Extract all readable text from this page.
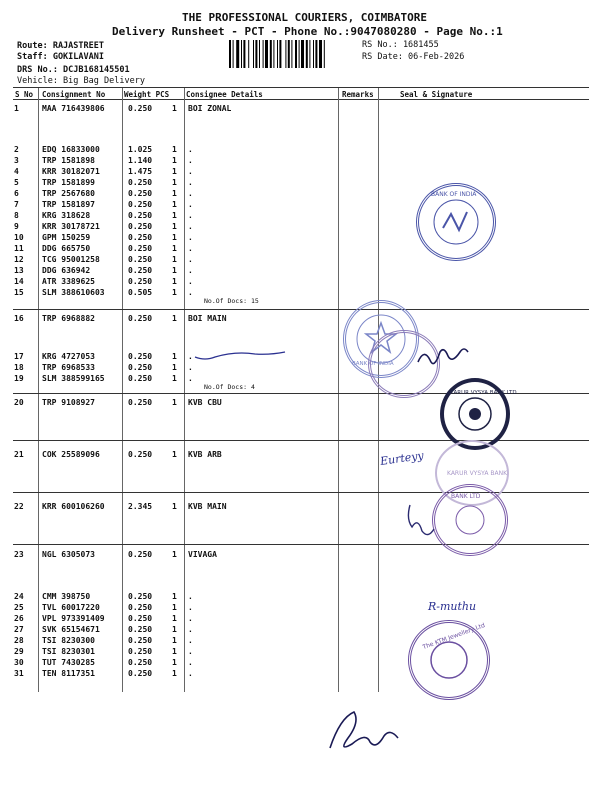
THE PROFESSIONAL COURIERS, COIMBATORE
Delivery Runsheet - PCT - Phone No.:9047080280 - Page No.:1
Route: RAJASTREET
Staff: GOKILAVANI
DRS No.: DCJB168145501
Vehicle: Big Bag Delivery
RS No.: 1681455
RS Date: 06-Feb-2026
S No Consignment No	Weight PCS Consignee Details	Remarks	Seal & Signature
1	MAA 716439806	0.250 1 BOI ZONAL
2	EDQ 16833000	1.025 1 .
3	TRP 1581898	1.140 1 .
4	KRR 30182071	1.475 1 .
5	TRP 1581899	0.250 1 .
6	TRP 2567680	0.250 1 .
7	TRP 1581897	0.250 1 .
8	KRG 318628	0.250 1 .
9	KRR 30178721	0.250 1 .
10 GPM 150259	0.250 1 .
11 DDG 665750	0.250 1 .
12 TCG 95001258	0.250 1 .
13 DDG 636942	0.250 1 .
14 ATR 3389625	0.250 1 .
15 SLM 388610603	0.505 1 .
16 TRP 6968882	0.250 1 BOI MAIN
17 KRG 4727053	0.250 1 .
18 TRP 6968533	0.250 1 .
19 SLM 388599165	0.250 1 .
20 TRP 9108927	0.250 1 KVB CBU
21 COK 25589096	0.250 1 KVB ARB
22 KRR 600106260	2.345 1 KVB MAIN
23 NGL 6305073	0.250 1 VIVAGA
24 CMM 398750	0.250 1 .
25 TVL 60017220	0.250 1 .
26 VPL 973391409	0.250 1 .
27 SVK 65154671	0.250 1 .
28 TSI 8230300	0.250 1 .
29 TSI 8230301	0.250 1 .
30 TUT 7430285	0.250 1 .
31 TEN 8117351	0.250 1 .
No.Of Docs: 15
No.Of Docs: 4
BANK OF INDIA
BANK OF INDIA
KARUR VYSYA BANK LTD
KARUR VYSYA BANK
BANK LTD
The KTM Jewellery Ltd
Eurteyy
R-muthu
